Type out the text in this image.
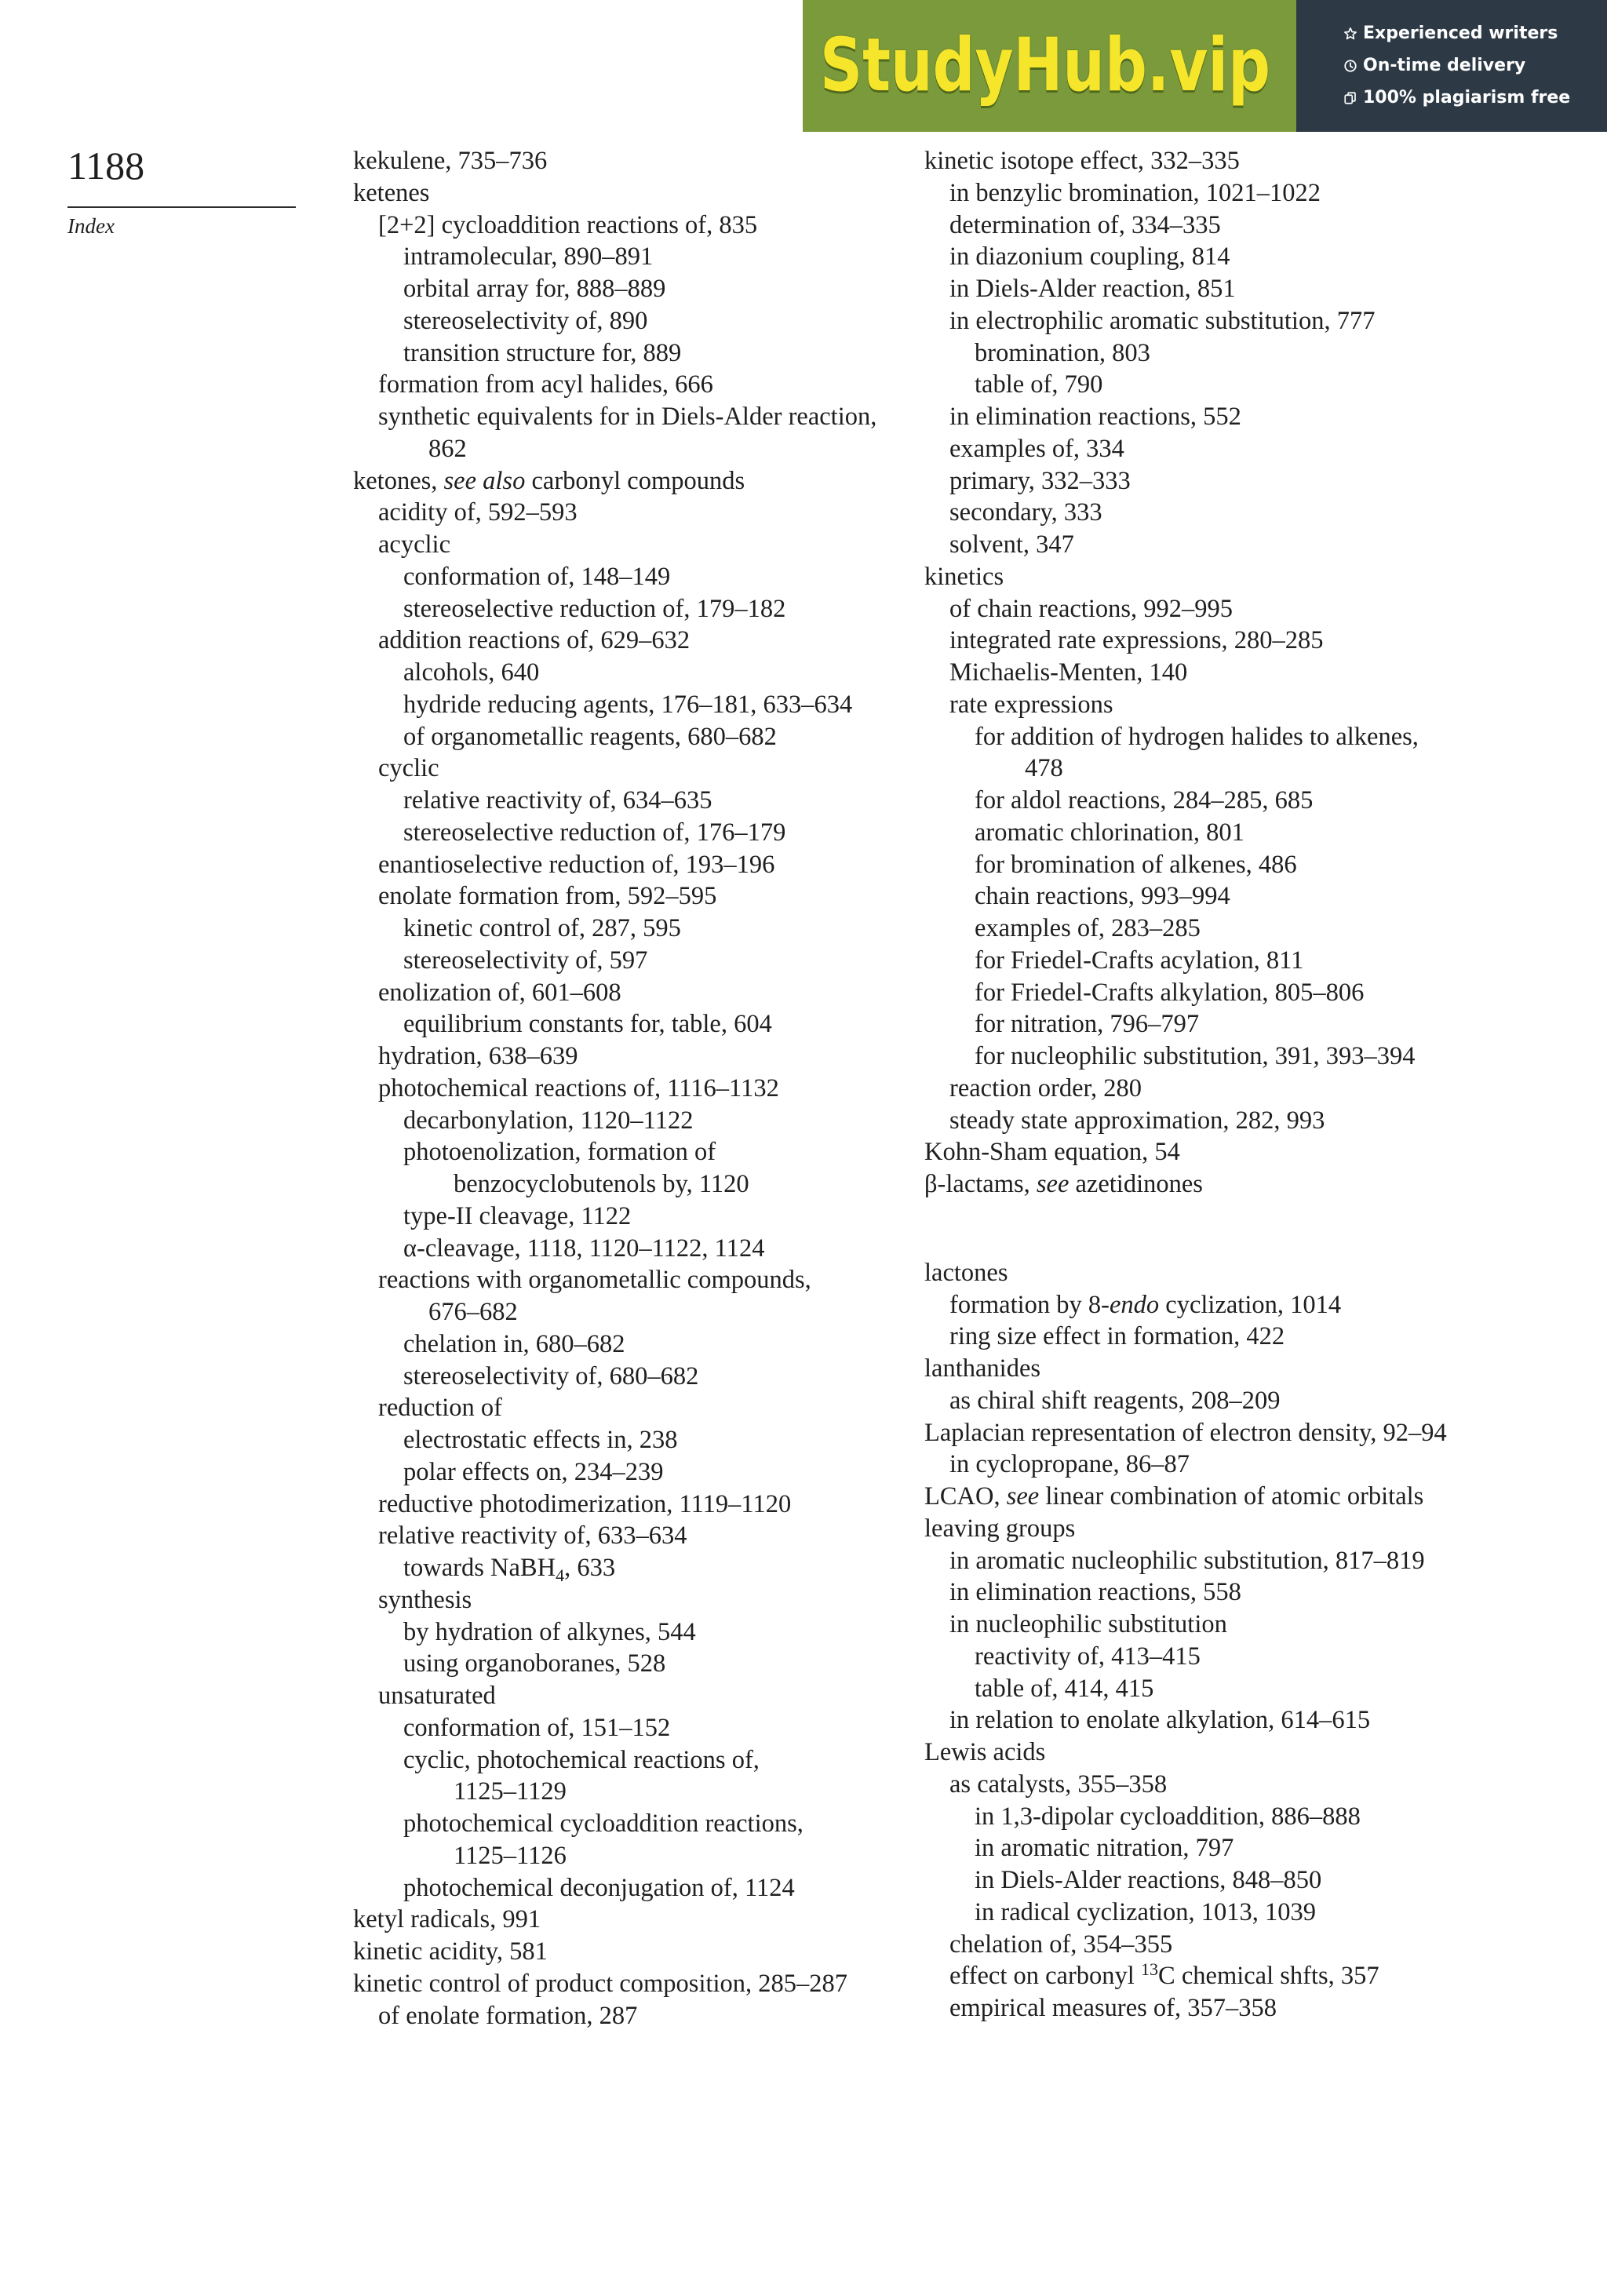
StudyHub.vip	Experienced writers
On-time delivery
100% plagiarism free
1188
Index
kekulene, 735–736
ketenes
[2+2] cycloaddition reactions of, 835
intramolecular, 890–891
orbital array for, 888–889
stereoselectivity of, 890
transition structure for, 889
formation from acyl halides, 666
synthetic equivalents for in Diels-Alder reaction,
862
ketones, see also carbonyl compounds
acidity of, 592–593
acyclic
conformation of, 148–149
stereoselective reduction of, 179–182
addition reactions of, 629–632
alcohols, 640
hydride reducing agents, 176–181, 633–634
of organometallic reagents, 680–682
cyclic
relative reactivity of, 634–635
stereoselective reduction of, 176–179
enantioselective reduction of, 193–196
enolate formation from, 592–595
kinetic control of, 287, 595
stereoselectivity of, 597
enolization of, 601–608
equilibrium constants for, table, 604
hydration, 638–639
photochemical reactions of, 1116–1132
decarbonylation, 1120–1122
photoenolization, formation of
benzocyclobutenols by, 1120
type-II cleavage, 1122
α-cleavage, 1118, 1120–1122, 1124
reactions with organometallic compounds,
676–682
chelation in, 680–682
stereoselectivity of, 680–682
reduction of
electrostatic effects in, 238
polar effects on, 234–239
reductive photodimerization, 1119–1120
relative reactivity of, 633–634
towards NaBH$_4$, 633
synthesis
by hydration of alkynes, 544
using organoboranes, 528
unsaturated
conformation of, 151–152
cyclic, photochemical reactions of,
1125–1129
photochemical cycloaddition reactions,
1125–1126
photochemical deconjugation of, 1124
ketyl radicals, 991
kinetic acidity, 581
kinetic control of product composition, 285–287
of enolate formation, 287
kinetic isotope effect, 332–335
in benzylic bromination, 1021–1022
determination of, 334–335
in diazonium coupling, 814
in Diels-Alder reaction, 851
in electrophilic aromatic substitution, 777
bromination, 803
table of, 790
in elimination reactions, 552
examples of, 334
primary, 332–333
secondary, 333
solvent, 347
kinetics
of chain reactions, 992–995
integrated rate expressions, 280–285
Michaelis-Menten, 140
rate expressions
for addition of hydrogen halides to alkenes,
478
for aldol reactions, 284–285, 685
aromatic chlorination, 801
for bromination of alkenes, 486
chain reactions, 993–994
examples of, 283–285
for Friedel-Crafts acylation, 811
for Friedel-Crafts alkylation, 805–806
for nitration, 796–797
for nucleophilic substitution, 391, 393–394
reaction order, 280
steady state approximation, 282, 993
Kohn-Sham equation, 54
β-lactams, see azetidinones
lactones
formation by 8-endo cyclization, 1014
ring size effect in formation, 422
lanthanides
as chiral shift reagents, 208–209
Laplacian representation of electron density, 92–94
in cyclopropane, 86–87
LCAO, see linear combination of atomic orbitals
leaving groups
in aromatic nucleophilic substitution, 817–819
in elimination reactions, 558
in nucleophilic substitution
reactivity of, 413–415
table of, 414, 415
in relation to enolate alkylation, 614–615
Lewis acids
as catalysts, 355–358
in 1,3-dipolar cycloaddition, 886–888
in aromatic nitration, 797
in Diels-Alder reactions, 848–850
in radical cyclization, 1013, 1039
chelation of, 354–355
effect on carbonyl $^{13}$C chemical shfts, 357
empirical measures of, 357–358
